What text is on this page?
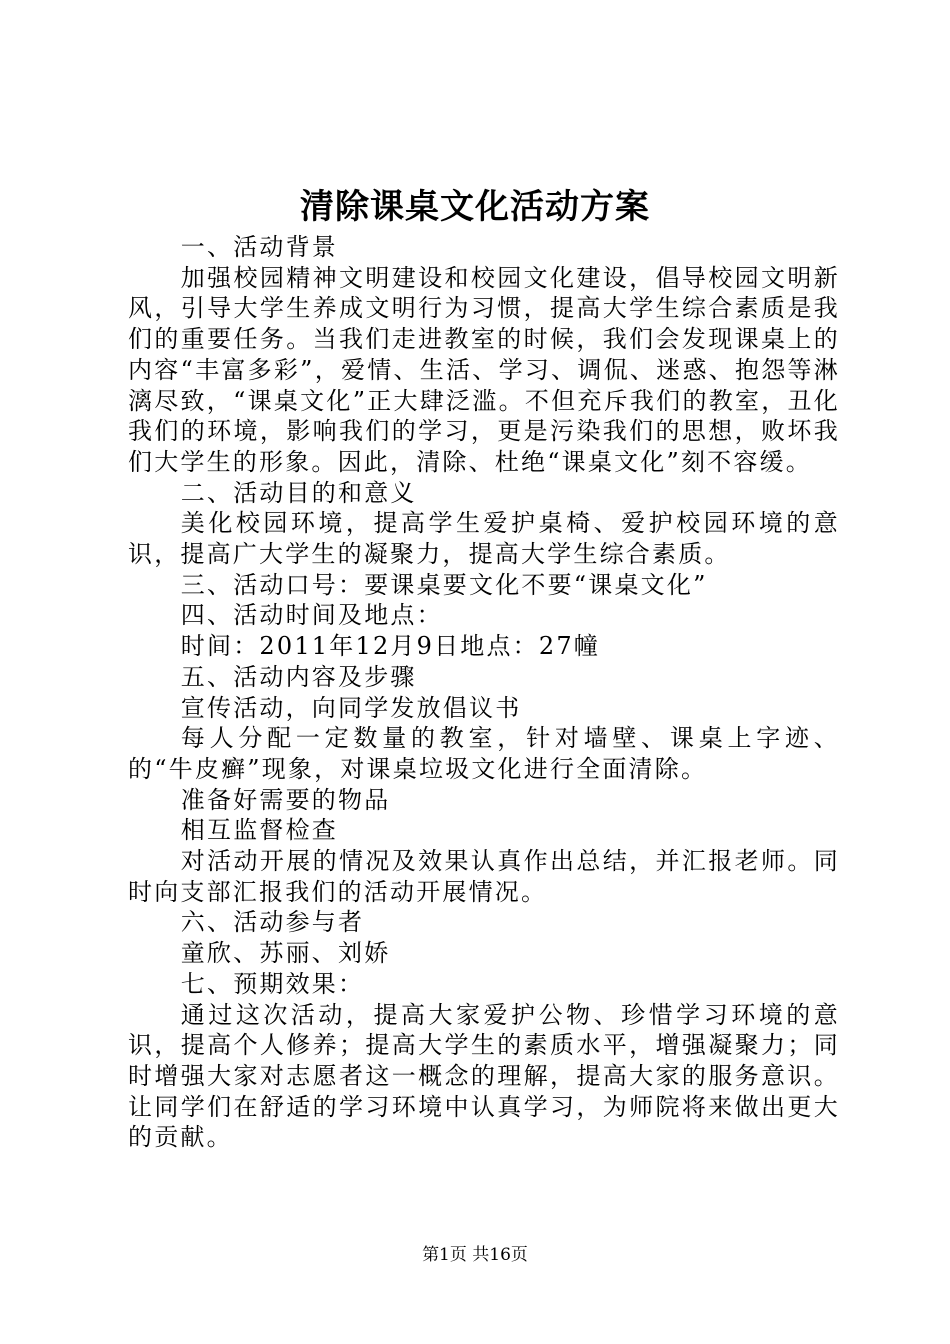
清除课桌文化活动方案

一、活动背景

加强校园精神文明建设和校园文化建设，倡导校园文明新风，引导大学生养成文明行为习惯，提高大学生综合素质是我们的重要任务。当我们走进教室的时候，我们会发现课桌上的内容“丰富多彩”，爱情、生活、学习、调侃、迷惑、抱怨等淋漓尽致，“课桌文化”正大肆泛滥。不但充斥我们的教室，丑化我们的环境，影响我们的学习，更是污染我们的思想，败坏我们大学生的形象。因此，清除、杜绝“课桌文化”刻不容缓。

二、活动目的和意义

美化校园环境，提高学生爱护桌椅、爱护校园环境的意识，提高广大学生的凝聚力，提高大学生综合素质。

三、活动口号：要课桌要文化不要“课桌文化”

四、活动时间及地点：

时间：2011年12月9日地点：27幢

五、活动内容及步骤

宣传活动，向同学发放倡议书

每人分配一定数量的教室，针对墙壁、课桌上字迹、的“牛皮癣”现象，对课桌垃圾文化进行全面清除。

准备好需要的物品

相互监督检查

对活动开展的情况及效果认真作出总结，并汇报老师。同时向支部汇报我们的活动开展情况。

六、活动参与者

童欣、苏丽、刘娇

七、预期效果：

通过这次活动，提高大家爱护公物、珍惜学习环境的意识，提高个人修养；提高大学生的素质水平，增强凝聚力；同时增强大家对志愿者这一概念的理解，提高大家的服务意识。让同学们在舒适的学习环境中认真学习，为师院将来做出更大的贡献。

第1页 共16页
